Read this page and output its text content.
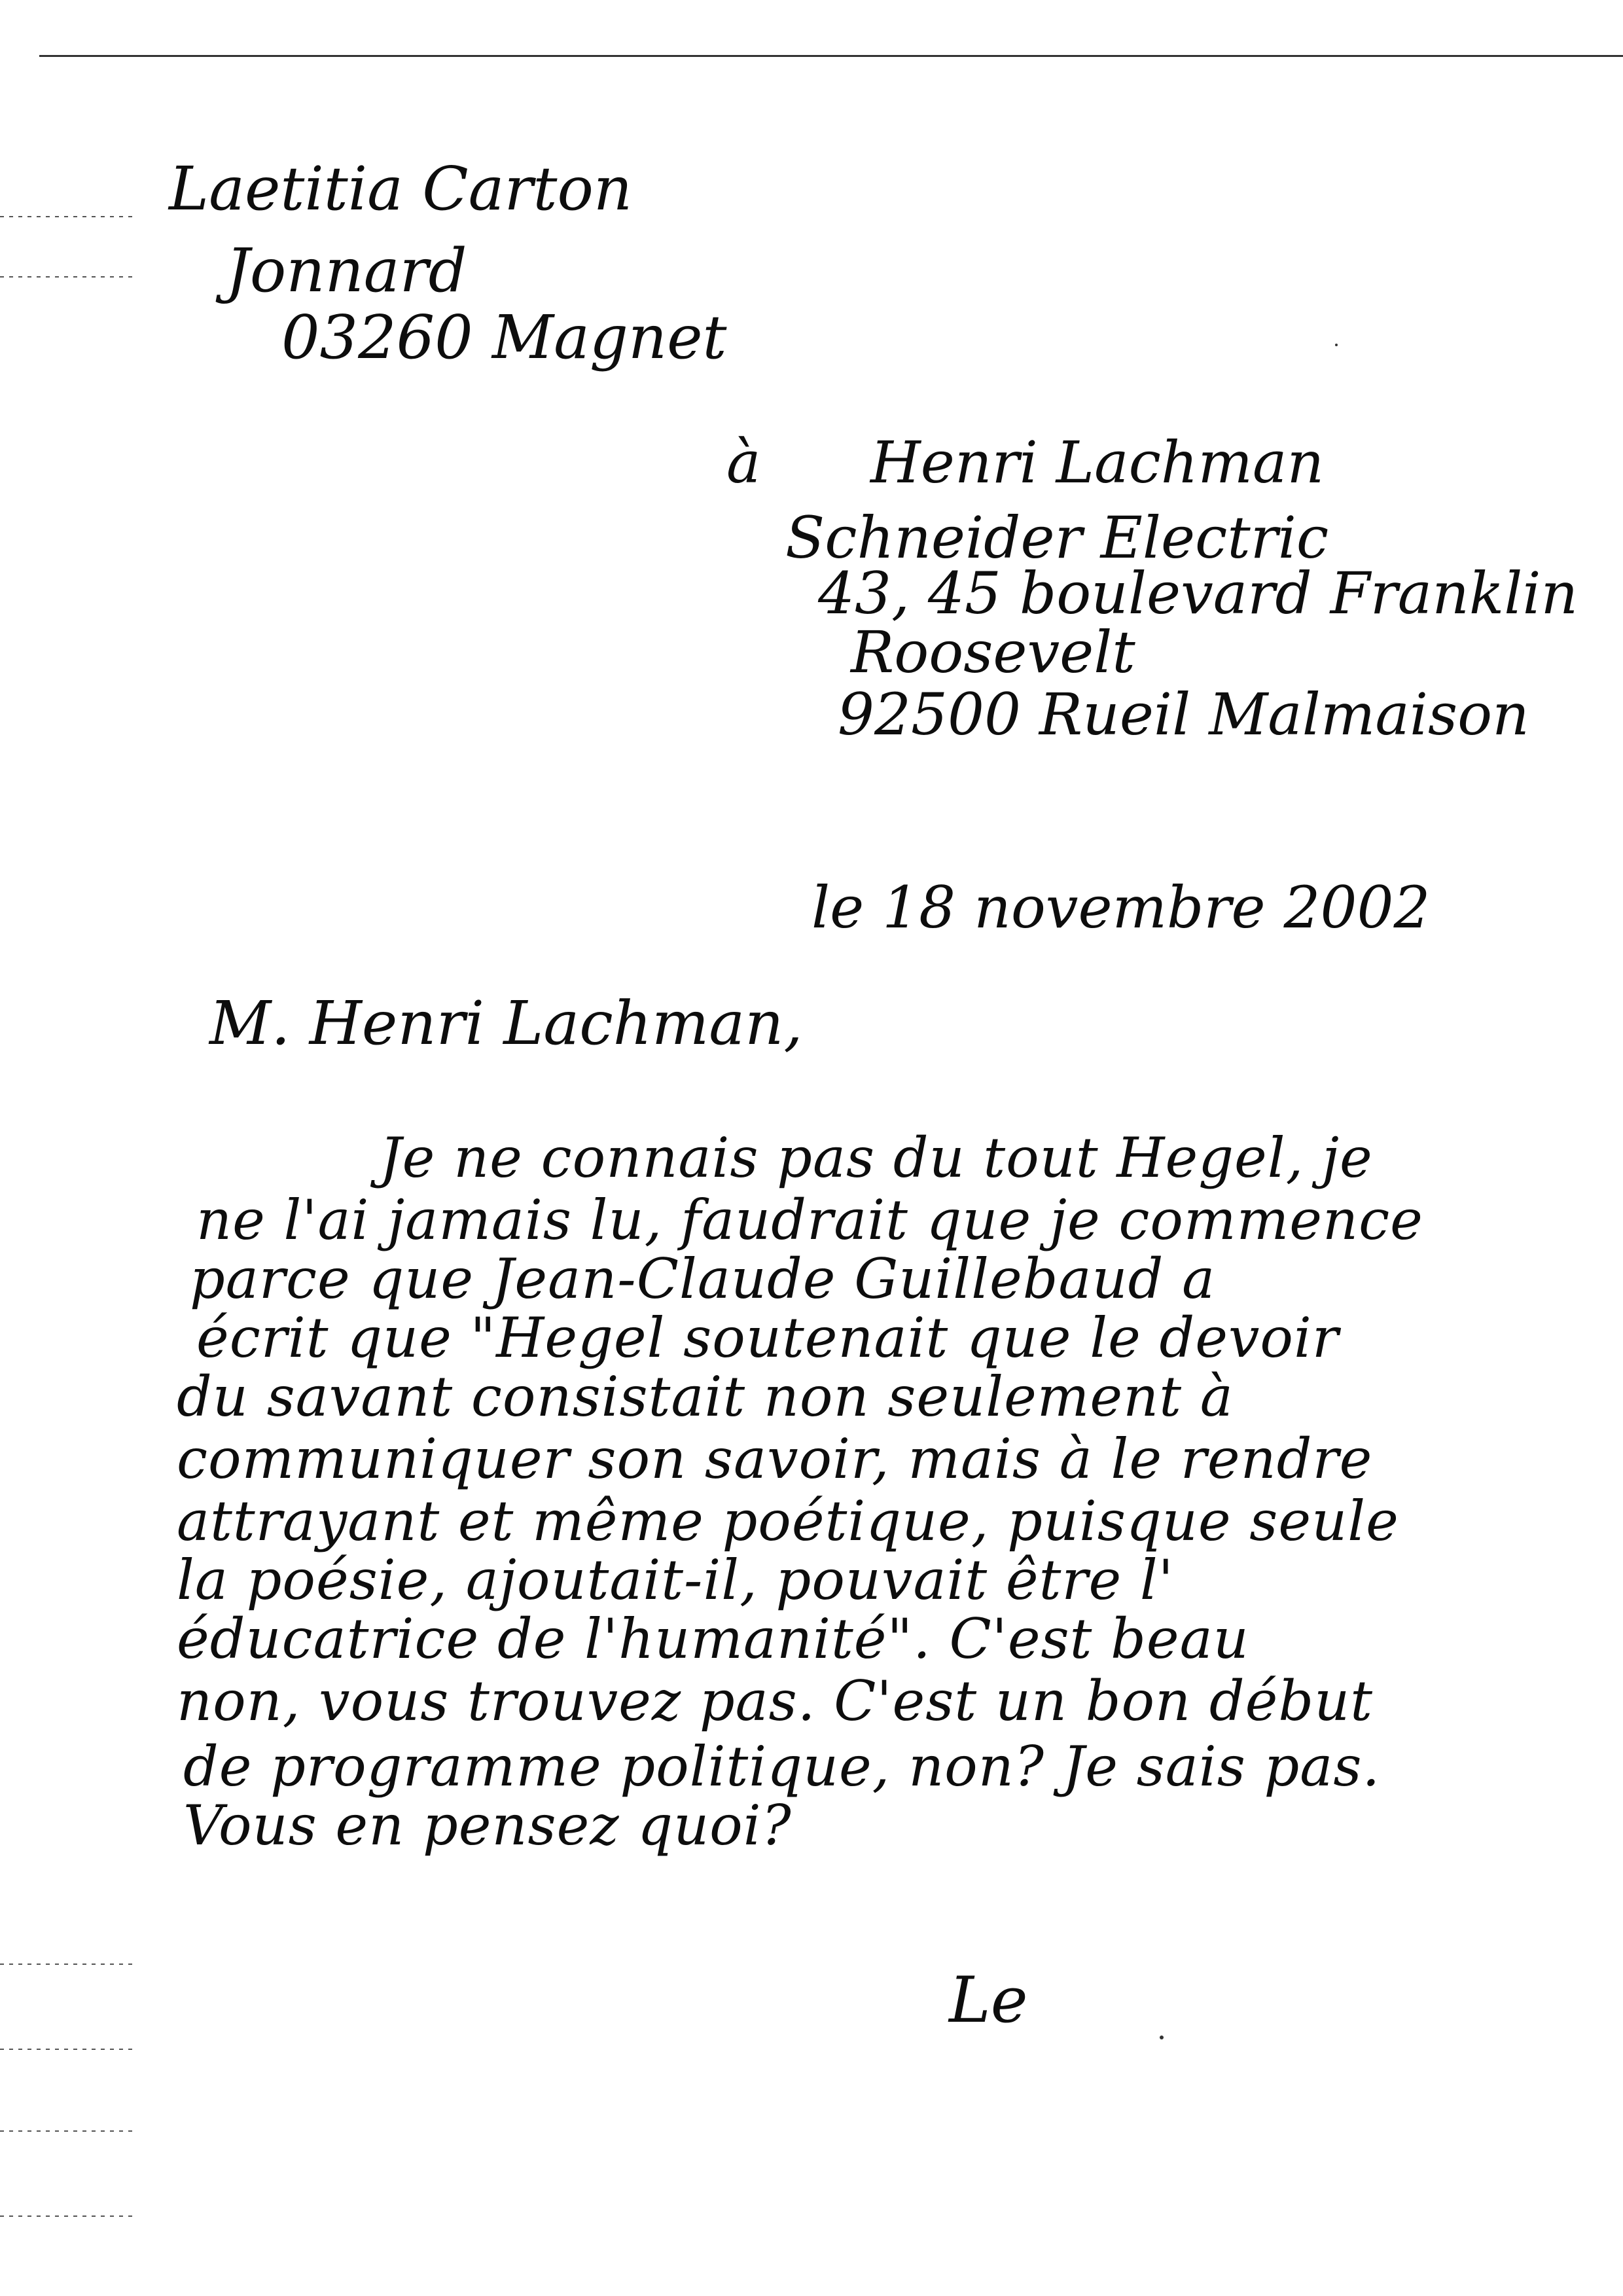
Laetitia Carton
Jonnard
03260 Magnet
à Henri Lachman
Schneider Electric
43, 45 boulevard Franklin
Roosevelt
92500 Rueil Malmaison
le 18 novembre 2002
M. Henri Lachman,
Je ne connais pas du tout Hegel, je
ne l'ai jamais lu, faudrait que je commence
parce que Jean-Claude Guillebaud a
écrit que "Hegel soutenait que le devoir
du savant consistait non seulement à
communiquer son savoir, mais à le rendre
attrayant et même poétique, puisque seule
la poésie, ajoutait-il, pouvait être l'
éducatrice de l'humanité". C'est beau
non, vous trouvez pas. C'est un bon début
de programme politique, non? Je sais pas.
Vous en pensez quoi?
Le
